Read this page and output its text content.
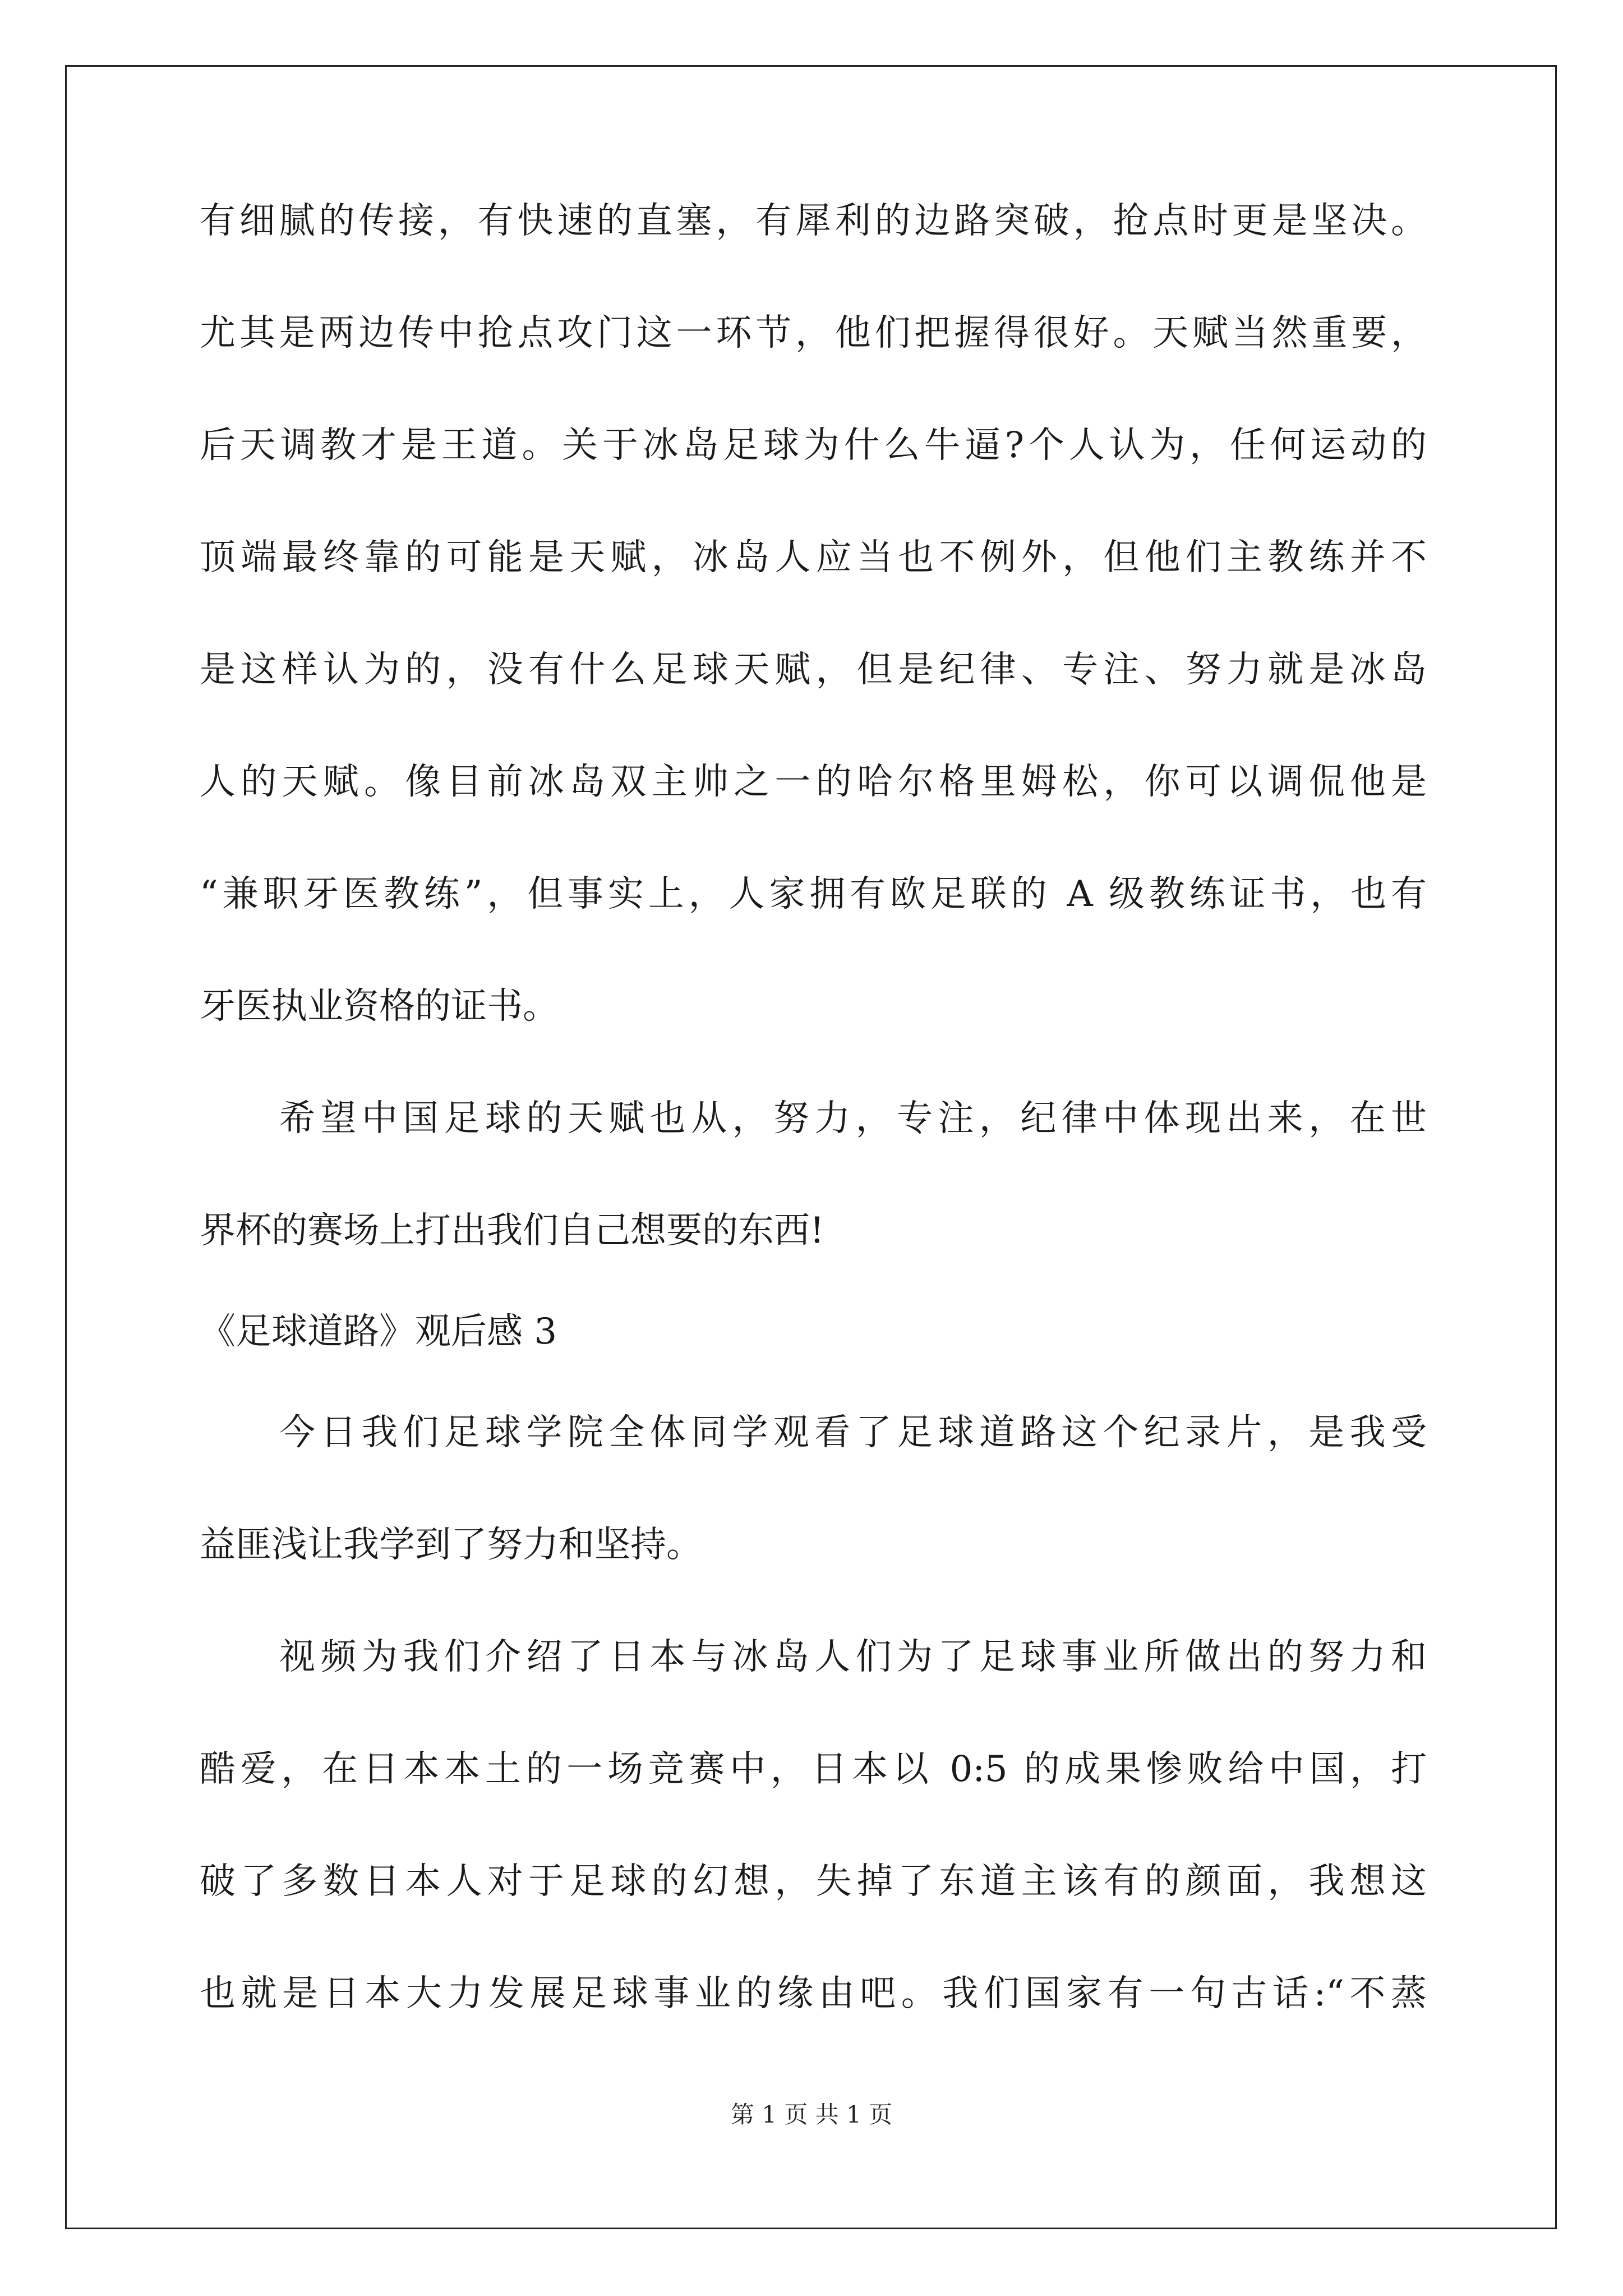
有细腻的传接，有快速的直塞，有犀利的边路突破，抢点时更是坚决。
尤其是两边传中抢点攻门这一环节，他们把握得很好。天赋当然重要，
后天调教才是王道。关于冰岛足球为什么牛逼?个人认为，任何运动的
顶端最终靠的可能是天赋，冰岛人应当也不例外，但他们主教练并不
是这样认为的，没有什么足球天赋，但是纪律、专注、努力就是冰岛
人的天赋。像目前冰岛双主帅之一的哈尔格里姆松，你可以调侃他是
“兼职牙医教练”，但事实上，人家拥有欧足联的 A 级教练证书，也有
牙医执业资格的证书。
希望中国足球的天赋也从，努力，专注，纪律中体现出来，在世
界杯的赛场上打出我们自己想要的东西!
《足球道路》观后感 3
今日我们足球学院全体同学观看了足球道路这个纪录片，是我受
益匪浅让我学到了努力和坚持。
视频为我们介绍了日本与冰岛人们为了足球事业所做出的努力和
酷爱，在日本本土的一场竞赛中，日本以 0:5 的成果惨败给中国，打
破了多数日本人对于足球的幻想，失掉了东道主该有的颜面，我想这
也就是日本大力发展足球事业的缘由吧。我们国家有一句古话:“不蒸
第 1 页 共 1 页
